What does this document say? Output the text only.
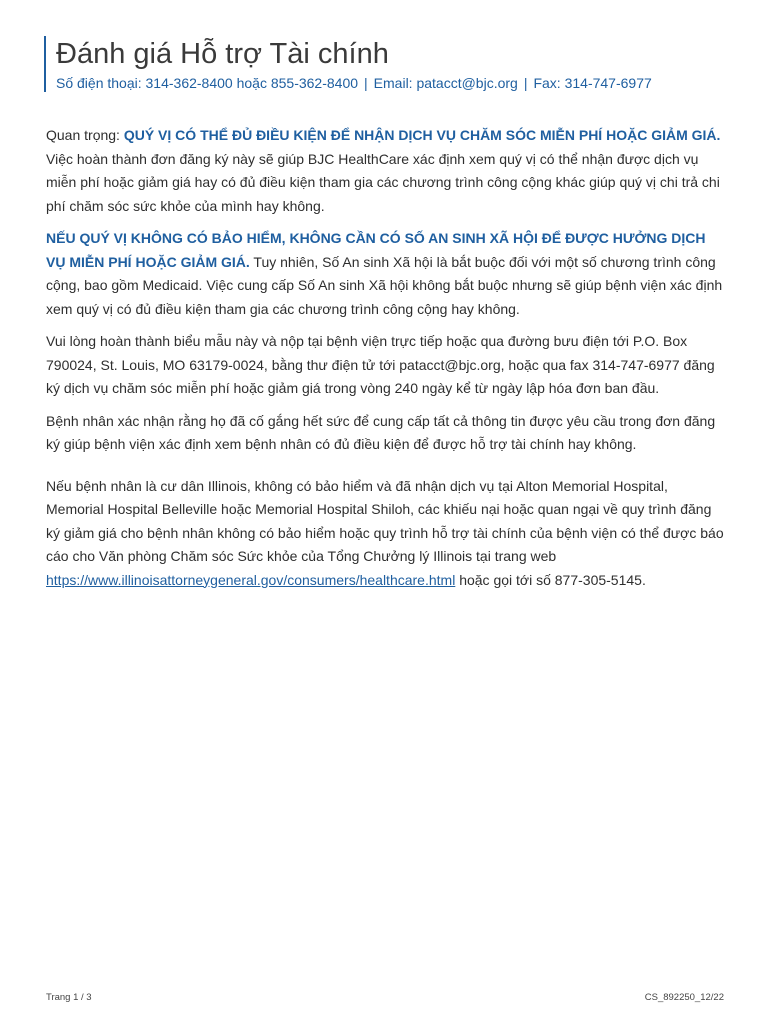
Đánh giá Hỗ trợ Tài chính
Số điện thoại: 314-362-8400 hoặc 855-362-8400 | Email: patacct@bjc.org | Fax: 314-747-6977

Quan trọng: QUÝ VỊ CÓ THỂ ĐỦ ĐIỀU KIỆN ĐỂ NHẬN DỊCH VỤ CHĂM SÓC MIỄN PHÍ HOẶC GIẢM GIÁ. Việc hoàn thành đơn đăng ký này sẽ giúp BJC HealthCare xác định xem quý vị có thể nhận được dịch vụ miễn phí hoặc giảm giá hay có đủ điều kiện tham gia các chương trình công cộng khác giúp quý vị chi trả chi phí chăm sóc sức khỏe của mình hay không.

NẾU QUÝ VỊ KHÔNG CÓ BẢO HIỂM, KHÔNG CẦN CÓ SỐ AN SINH XÃ HỘI ĐỂ ĐƯỢC HƯỞNG DỊCH VỤ MIỄN PHÍ HOẶC GIẢM GIÁ. Tuy nhiên, Số An sinh Xã hội là bắt buộc đối với một số chương trình công cộng, bao gồm Medicaid. Việc cung cấp Số An sinh Xã hội không bắt buộc nhưng sẽ giúp bệnh viện xác định xem quý vị có đủ điều kiện tham gia các chương trình công cộng hay không.

Vui lòng hoàn thành biểu mẫu này và nộp tại bệnh viện trực tiếp hoặc qua đường bưu điện tới P.O. Box 790024, St. Louis, MO 63179-0024, bằng thư điện tử tới patacct@bjc.org, hoặc qua fax 314-747-6977 đăng ký dịch vụ chăm sóc miễn phí hoặc giảm giá trong vòng 240 ngày kể từ ngày lập hóa đơn ban đầu.

Bệnh nhân xác nhận rằng họ đã cố gắng hết sức để cung cấp tất cả thông tin được yêu cầu trong đơn đăng ký giúp bệnh viện xác định xem bệnh nhân có đủ điều kiện để được hỗ trợ tài chính hay không.

Nếu bệnh nhân là cư dân Illinois, không có bảo hiểm và đã nhận dịch vụ tại Alton Memorial Hospital, Memorial Hospital Belleville hoặc Memorial Hospital Shiloh, các khiếu nại hoặc quan ngại về quy trình đăng ký giảm giá cho bệnh nhân không có bảo hiểm hoặc quy trình hỗ trợ tài chính của bệnh viện có thể được báo cáo cho Văn phòng Chăm sóc Sức khỏe của Tổng Chưởng lý Illinois tại trang web https://www.illinoisattorneygeneral.gov/consumers/healthcare.html hoặc gọi tới số 877-305-5145.

Trang 1 / 3	CS_892250_12/22
